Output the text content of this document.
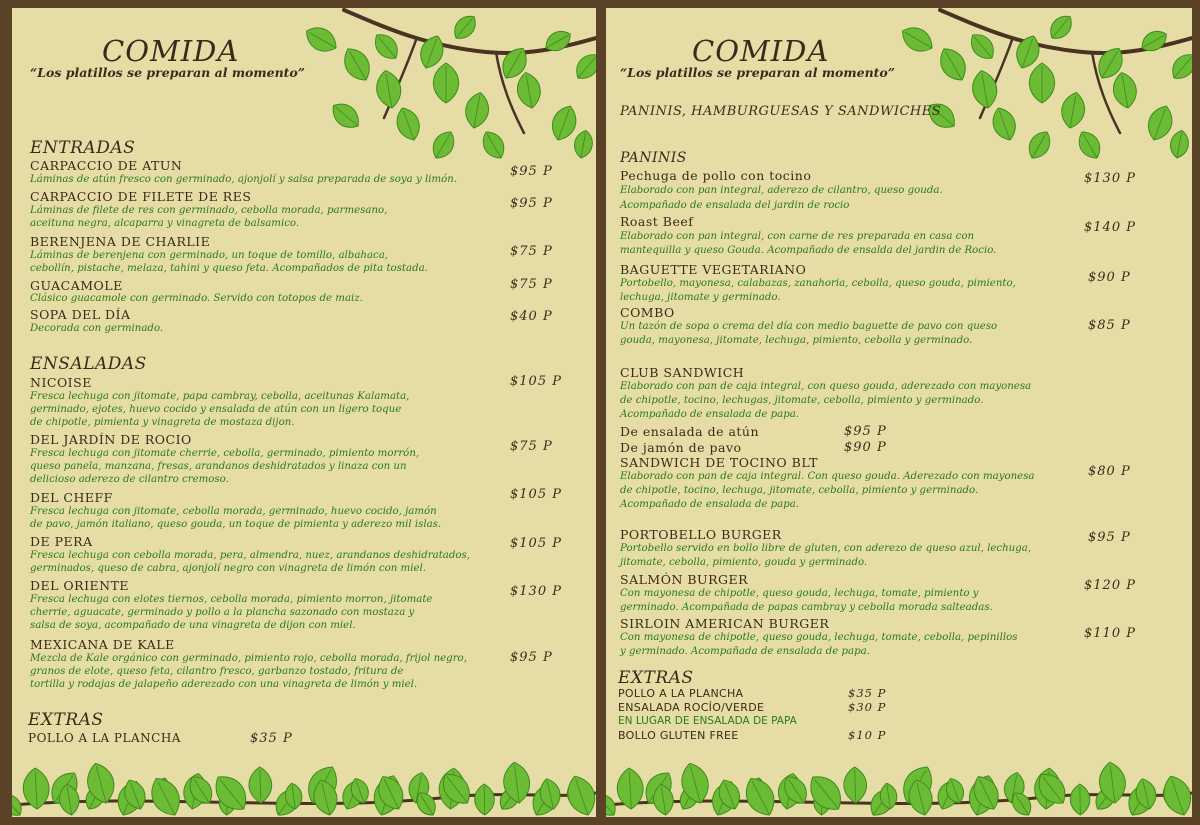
COMIDA
“Los platillos se preparan al momento”
ENTRADAS
CARPACCIO DE ATUN
Láminas de atún fresco con germinado, ajonjolí y salsa preparada de soya y limón.
$95 P
CARPACCIO DE FILETE DE RES
Láminas de filete de res con germinado, cebolla morada, parmesano,
aceituna negra, alcaparra y vinagreta de balsamico.
$95 P
BERENJENA DE CHARLIE
Láminas de berenjena con germinado, un toque de tomillo, albahaca,
cebollín, pistache, melaza, tahini y queso feta. Acompañados de pita tostada.
$75 P
GUACAMOLE
Clásico guacamole con germinado. Servido con totopos de maiz.
$75 P
SOPA DEL DÍA
Decorada con germinado.
$40 P
ENSALADAS
NICOISE
Fresca lechuga con jitomate, papa cambray, cebolla, aceitunas Kalamata,
germinado, ejotes, huevo cocido y ensalada de atún con un ligero toque
de chipotle, pimienta y vinagreta de mostaza dijon.
$105 P
DEL JARDÍN DE ROCIO
Fresca lechuga con jitomate cherrie, cebolla, germinado, pimiento morrón,
queso panela, manzana, fresas, arandanos deshidratados y linaza con un
delicioso aderezo de cilantro cremoso.
$75 P
DEL CHEFF
Fresca lechuga con jitomate, cebolla morada, germinado, huevo cocido, jamón
de pavo, jamón italiano, queso gouda, un toque de pimienta y aderezo mil islas.
$105 P
DE PERA
Fresca lechuga con cebolla morada, pera, almendra, nuez, arandanos deshidratados,
germinados, queso de cabra, ajonjolí negro con vinagreta de limón con miel.
$105 P
DEL ORIENTE
Fresca lechuga con elotes tiernos, cebolla morada, pimiento morron, jitomate
cherrie, aguacate, germinado y pollo a la plancha sazonado con mostaza y
salsa de soya, acompañado de una vinagreta de dijon con miel.
$130 P
MEXICANA DE KALE
Mezcla de Kale orgánico con germinado, pimiento rojo, cebolla morada, frijol negro,
granos de elote, queso feta, cilantro fresco, garbanzo tostado, fritura de
tortilla y rodajas de jalapeño aderezado con una vinagreta de limón y miel.
$95 P
EXTRAS
POLLO A LA PLANCHA	$35 P
COMIDA
“Los platillos se preparan al momento”
PANINIS, HAMBURGUESAS Y SANDWICHES
PANINIS
Pechuga de pollo con tocino
Elaborado con pan integral, aderezo de cilantro, queso gouda.
Acompañado de ensalada del jardin de rocio
$130 P
Roast Beef
Elaborado con pan integral, con carne de res preparada en casa con
mantequilla y queso Gouda. Acompañado de ensalda del jardin de Rocio.
$140 P
BAGUETTE VEGETARIANO
Portobello, mayonesa, calabazas, zanahoria, cebolla, queso gouda, pimiento,
lechuga, jitomate y germinado.
$90 P
COMBO
Un tazón de sopa o crema del día con medio baguette de pavo con queso
gouda, mayonesa, jitomate, lechuga, pimiento, cebolla y germinado.
$85 P
CLUB SANDWICH
Elaborado con pan de caja integral, con queso gouda, aderezado con mayonesa
de chipotle, tocino, lechugas, jitomate, cebolla, pimiento y germinado.
Acompañado de ensalada de papa.
De ensalada de atún	$95 P
De jamón de pavo	$90 P
SANDWICH DE TOCINO BLT
Elaborado con pan de caja integral. Con queso gouda. Aderezado con mayonesa
de chipotle, tocino, lechuga, jitomate, cebolla, pimiento y germinado.
Acompañado de ensalada de papa.
$80 P
PORTOBELLO BURGER
Portobello servido en bollo libre de gluten, con aderezo de queso azul, lechuga,
jitomate, cebolla, pimiento, gouda y germinado.
$95 P
SALMÓN BURGER
Con mayonesa de chipotle, queso gouda, lechuga, tomate, pimiento y
germinado. Acompañada de papas cambray y cebolla morada salteadas.
$120 P
SIRLOIN AMERICAN BURGER
Con mayonesa de chipotle, queso gouda, lechuga, tomate, cebolla, pepinillos
y germinado. Acompañada de ensalada de papa.
$110 P
EXTRAS
POLLO A LA PLANCHA	$35 P
ENSALADA ROCÍO/VERDE	$30 P
EN LUGAR DE ENSALADA DE PAPA
BOLLO GLUTEN FREE	$10 P
